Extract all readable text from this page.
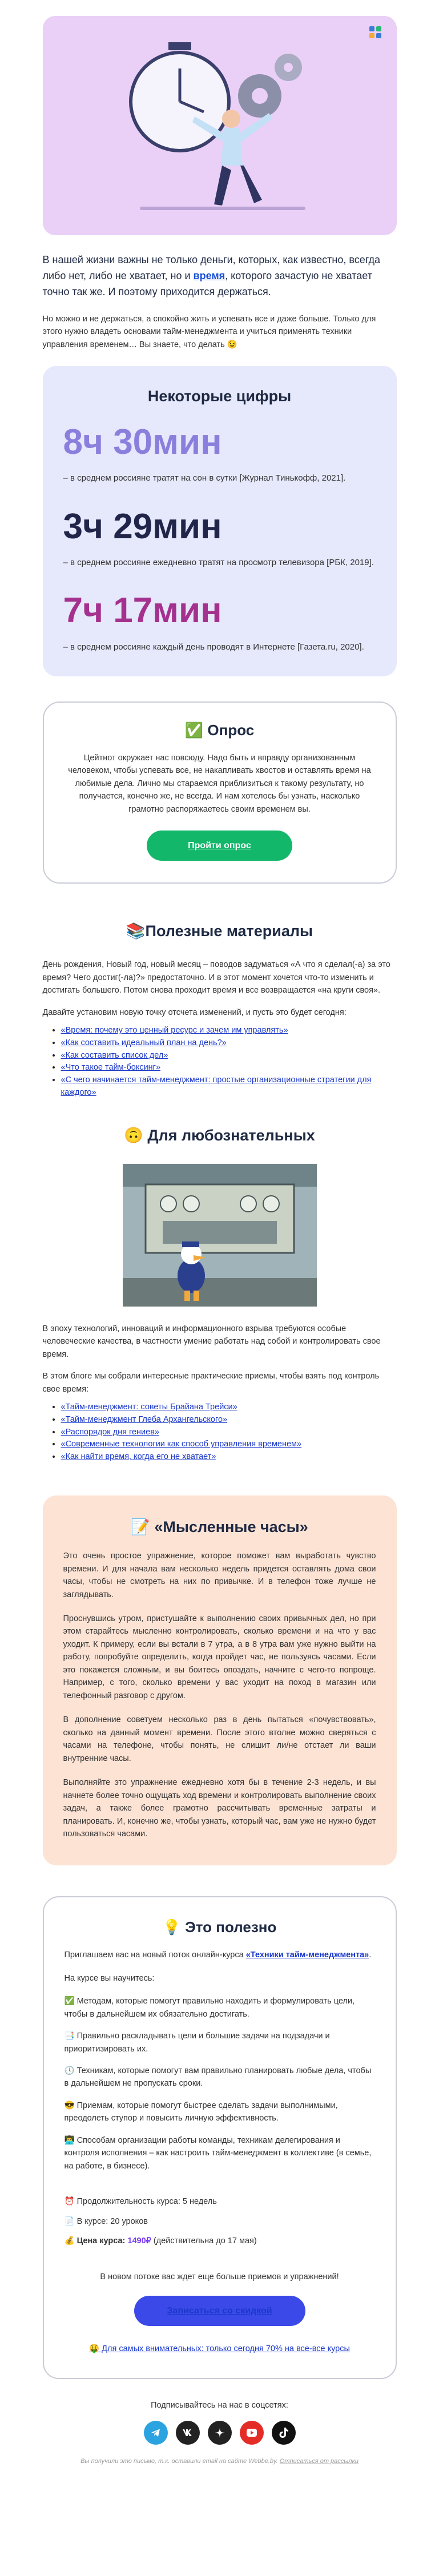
В нашей жизни важны не только деньги, которых, как известно, всегда либо нет, либо не хватает, но и время, которого зачастую не хватает точно так же. И поэтому приходится держаться.

Но можно и не держаться, а спокойно жить и успевать все и даже больше. Только для этого нужно владеть основами тайм-менеджмента и учиться применять техники управления временем… Вы знаете, что делать 😉

Некоторые цифры
8ч 30мин
– в среднем россияне тратят на сон в сутки [Журнал Тинькофф, 2021].
3ч 29мин
– в среднем россияне ежедневно тратят на просмотр телевизора [РБК, 2019].
7ч 17мин
– в среднем россияне каждый день проводят в Интернете [Газета.ru, 2020].
✅ Опрос

Цейтнот окружает нас повсюду. Надо быть и вправду организованным человеком, чтобы успевать все, не накапливать хвостов и оставлять время на любимые дела. Лично мы стараемся приблизиться к такому результату, но получается, конечно же, не всегда. И нам хотелось бы узнать, насколько грамотно распоряжаетесь своим временем вы.

Пройти опрос
📚Полезные материалы

День рождения, Новый год, новый месяц – поводов задуматься «А что я сделал(-а) за это время? Чего достиг(-ла)?» предостаточно. И в этот момент хочется что-то изменить и достигать большего. Потом снова проходит время и все возвращается «на круги своя».

Давайте установим новую точку отсчета изменений, и пусть это будет сегодня:

• «Время: почему это ценный ресурс и зачем им управлять»
• «Как составить идеальный план на день?»
• «Как составить список дел»
• «Что такое тайм-боксинг»
• «С чего начинается тайм-менеджмент: простые организационные стратегии для каждого»
🙃 Для любознательных

В эпоху технологий, инноваций и информационного взрыва требуются особые человеческие качества, в частности умение работать над собой и контролировать свое время.

В этом блоге мы собрали интересные практические приемы, чтобы взять под контроль свое время:

• «Тайм-менеджмент: советы Брайана Трейси»
• «Тайм-менеджмент Глеба Архангельского»
• «Распорядок дня гениев»
• «Современные технологии как способ управления временем»
• «Как найти время, когда его не хватает»
📝 «Мысленные часы»

Это очень простое упражнение, которое поможет вам выработать чувство времени. И для начала вам несколько недель придется оставлять дома свои часы, чтобы не смотреть на них по привычке. И в телефон тоже лучше не заглядывать.

Проснувшись утром, пристушайте к выполнению своих привычных дел, но при этом старайтесь мысленно контролировать, сколько времени и на что у вас уходит. К примеру, если вы встали в 7 утра, а в 8 утра вам уже нужно выйти на работу, попробуйте определить, когда пройдет час, не пользуясь часами. Если это покажется сложным, и вы боитесь опоздать, начните с чего-то попроще. Например, с того, сколько времени у вас уходит на поход в магазин или телефонный разговор с другом.

В дополнение советуем несколько раз в день пытаться «почувствовать», сколько на данный момент времени. После этого втолне можно сверяться с часами на телефоне, чтобы понять, не слишит ли/не отстает ли ваши внутренние часы.

Выполняйте это упражнение ежедневно хотя бы в течение 2-3 недель, и вы начнете более точно ощущать ход времени и контролировать выполнение своих задач, а также более грамотно рассчитывать временные затраты и планировать. И, конечно же, чтобы узнать, который час, вам уже не нужно будет пользоваться часами.

💡 Это полезно

Приглашаем вас на новый поток онлайн-курса «Техники тайм-менеджмента».

На курсе вы научитесь:

✅ Методам, которые помогут правильно находить и формулировать цели, чтобы в дальнейшем их обязательно достигать.

📑 Правильно раскладывать цели и большие задачи на подзадачи и приоритизировать их.

🕔 Техникам, которые помогут вам правильно планировать любые дела, чтобы в дальнейшем не пропускать сроки.

😎 Приемам, которые помогут быстрее сделать задачи выполнимыми, преодолеть ступор и повысить личную эффективность.

👨‍💻 Способам организации работы команды, техникам делегирования и контроля исполнения – как настроить тайм-менеджмент в коллективе (в семье, на работе, в бизнесе).

⏰ Продолжительность курса: 5 недель

📄 В курсе: 20 уроков

💰 Цена курса: 1490₽ (действительна до 17 мая)

В новом потоке вас ждет еще больше приемов и упражнений!

Записаться со скидкой
🤑 Для самых внимательных: только сегодня 70% на все-все курсы
Подписывайтесь на нас в соцсетях:
Вы получили это письмо, т.к. оставили email на сайте Webbe.by. Отписаться от рассылки
